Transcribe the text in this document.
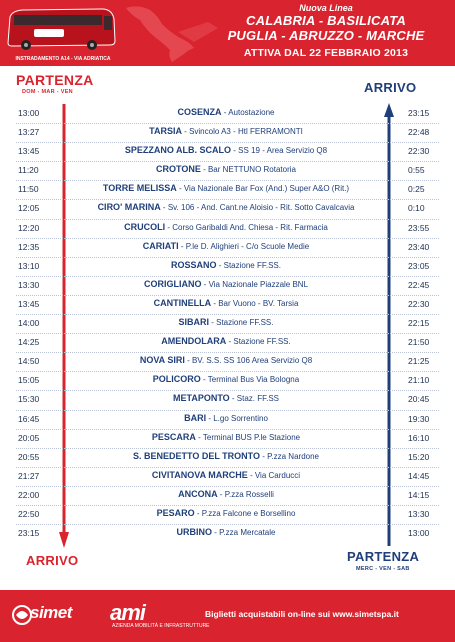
INSTRADAMENTO A14 - VIA ADRIATICA
Nuova Linea
CALABRIA - BASILICATA
PUGLIA - ABRUZZO - MARCHE
ATTIVA DAL 22 FEBBRAIO 2013
PARTENZA
DOM - MAR - VEN	ARRIVO
13:00	COSENZA - Autostazione	23:15
13:27	TARSIA - Svincolo A3 - Htl FERRAMONTI	22:48
13:45	SPEZZANO ALB. SCALO - SS 19 - Area Servizio Q8	22:30
11:20	CROTONE - Bar NETTUNO Rotatoria	0:55
11:50	TORRE MELISSA - Via Nazionale Bar Fox (And.) Super A&O (Rit.)	0:25
12:05	CIRO' MARINA - Sv. 106 - And. Cant.ne Aloisio - Rit. Sotto Cavalcavia	0:10
12:20	CRUCOLI - Corso Garibaldi And. Chiesa - Rit. Farmacia	23:55
12:35	CARIATI - P.le D. Alighieri - C/o Scuole Medie	23:40
13:10	ROSSANO - Stazione FF.SS.	23:05
13:30	CORIGLIANO - Via Nazionale Piazzale BNL	22:45
13:45	CANTINELLA - Bar Vuono - BV. Tarsia	22:30
14:00	SIBARI - Stazione FF.SS.	22:15
14:25	AMENDOLARA - Stazione FF.SS.	21:50
14:50	NOVA SIRI - BV. S.S. SS 106 Area Servizio Q8	21:25
15:05	POLICORO - Terminal Bus Via Bologna	21:10
15:30	METAPONTO - Staz. FF.SS	20:45
16:45	BARI - L.go Sorrentino	19:30
20:05	PESCARA - Terminal BUS P.le Stazione	16:10
20:55	S. BENEDETTO DEL TRONTO - P.zza Nardone	15:20
21:27	CIVITANOVA MARCHE - Via Carducci	14:45
22:00	ANCONA - P.zza Rosselli	14:15
22:50	PESARO - P.zza Falcone e Borsellino	13:30
23:15	URBINO - P.zza Mercatale	13:00
ARRIVO	PARTENZA
MERC - VEN - SAB
simet ami
AZIENDA MOBILITÀ E INFRASTRUTTURE
Biglietti acquistabili on-line sui www.simetspa.it
